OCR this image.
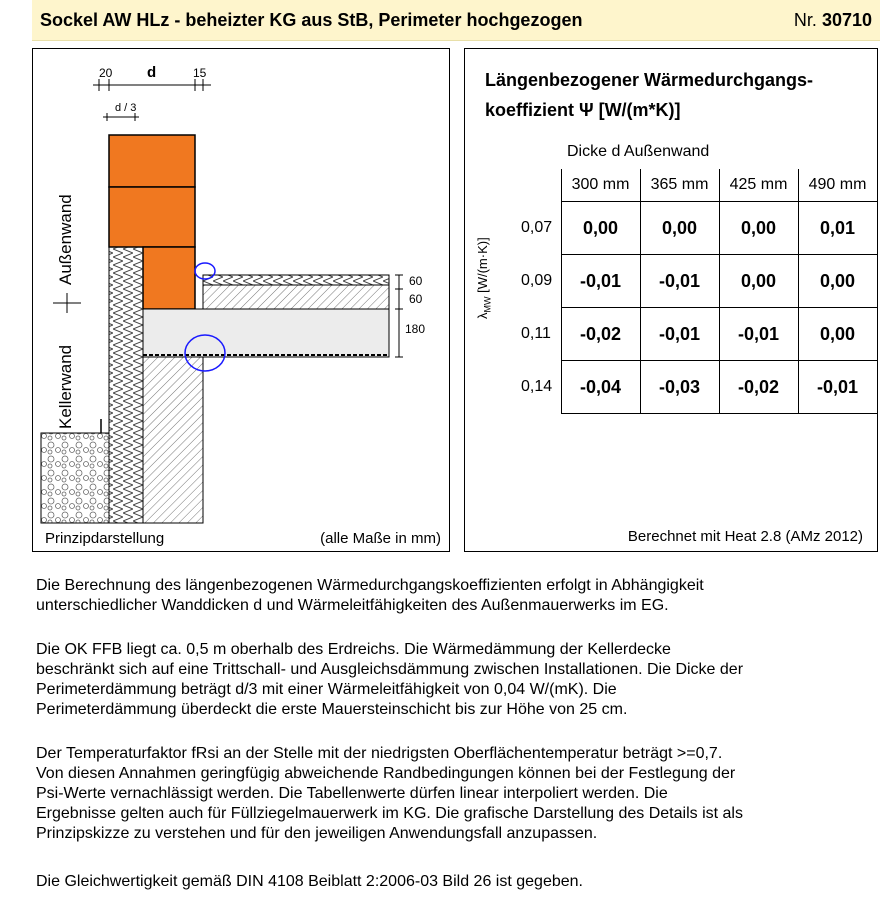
Sockel AW HLz - beheizter KG aus StB, Perimeter hochgezogen	Nr. 30710
20 d	15
d / 3
60
60
180
Außenwand
Kellerwand
Prinzipdarstellung	(alle Maße in mm)
Längenbezogener Wärmedurchgangs-
koeffizient Ψ [W/(m*K)]
Dicke d Außenwand
$\lambda_{MW}$ [W/(m·K)]
	300 mm	365 mm	425 mm	490 mm
0,07	0,00	0,00	0,00	0,01
0,09	-0,01	-0,01	0,00	0,00
0,11	-0,02	-0,01	-0,01	0,00
0,14	-0,04	-0,03	-0,02	-0,01
Berechnet mit Heat 2.8 (AMz 2012)
Die Berechnung des längenbezogenen Wärmedurchgangskoeffizienten erfolgt in Abhängigkeit
unterschiedlicher Wanddicken d und Wärmeleitfähigkeiten des Außenmauerwerks im EG.
Die OK FFB liegt ca. 0,5 m oberhalb des Erdreichs. Die Wärmedämmung der Kellerdecke
beschränkt sich auf eine Trittschall- und Ausgleichsdämmung zwischen Installationen. Die Dicke der
Perimeterdämmung beträgt d/3 mit einer Wärmeleitfähigkeit von 0,04 W/(mK). Die
Perimeterdämmung überdeckt die erste Mauersteinschicht bis zur Höhe von 25 cm.
Der Temperaturfaktor fRsi an der Stelle mit der niedrigsten Oberflächentemperatur beträgt >=0,7.
Von diesen Annahmen geringfügig abweichende Randbedingungen können bei der Festlegung der
Psi-Werte vernachlässigt werden. Die Tabellenwerte dürfen linear interpoliert werden. Die
Ergebnisse gelten auch für Füllziegelmauerwerk im KG. Die grafische Darstellung des Details ist als
Prinzipskizze zu verstehen und für den jeweiligen Anwendungsfall anzupassen.
Die Gleichwertigkeit gemäß DIN 4108 Beiblatt 2:2006-03 Bild 26 ist gegeben.
